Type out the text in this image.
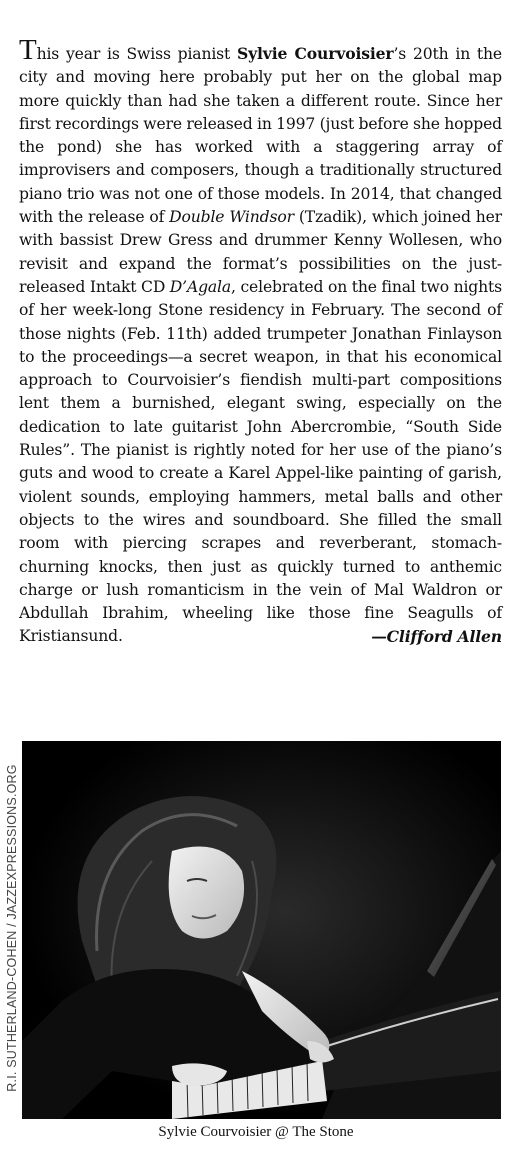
This year is Swiss pianist Sylvie Courvoisier’s 20th in the city and moving here probably put her on the global map more quickly than had she taken a different route. Since her first recordings were released in 1997 (just before she hopped the pond) she has worked with a staggering array of improvisers and composers, though a traditionally structured piano trio was not one of those models. In 2014, that changed with the release of Double Windsor (Tzadik), which joined her with bassist Drew Gress and drummer Kenny Wollesen, who revisit and expand the format’s possibilities on the just-released Intakt CD D’Agala, celebrated on the final two nights of her week-long Stone residency in February. The second of those nights (Feb. 11th) added trumpeter Jonathan Finlayson to the proceedings—a secret weapon, in that his economical approach to Courvoisier’s fiendish multi-part compositions lent them a burnished, elegant swing, especially on the dedication to late guitarist John Abercrombie, “South Side Rules”. The pianist is rightly noted for her use of the piano’s guts and wood to create a Karel Appel-like painting of garish, violent sounds, employing hammers, metal balls and other objects to the wires and soundboard. She filled the small room with piercing scrapes and reverberant, stomach-churning knocks, then just as quickly turned to anthemic charge or lush romanticism in the vein of Mal Waldron or Abdullah Ibrahim, wheeling like those fine Seagulls of Kristiansund.	—Clifford Allen
R.I. SUTHERLAND-COHEN / JAZZEXPRESSIONS.ORG
Sylvie Courvoisier @ The Stone
